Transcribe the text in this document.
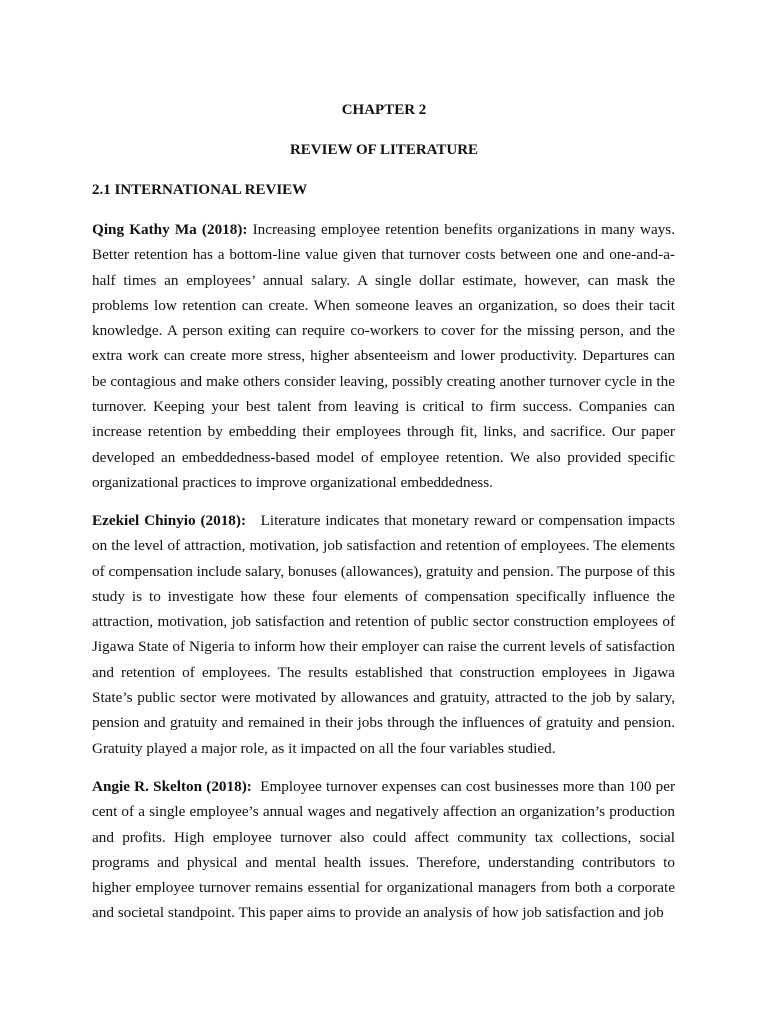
CHAPTER 2
REVIEW OF LITERATURE
2.1 INTERNATIONAL REVIEW
Qing Kathy Ma (2018): Increasing employee retention benefits organizations in many ways. Better retention has a bottom-line value given that turnover costs between one and one-and-a-half times an employees’ annual salary. A single dollar estimate, however, can mask the problems low retention can create. When someone leaves an organization, so does their tacit knowledge. A person exiting can require co-workers to cover for the missing person, and the extra work can create more stress, higher absenteeism and lower productivity. Departures can be contagious and make others consider leaving, possibly creating another turnover cycle in the turnover. Keeping your best talent from leaving is critical to firm success. Companies can increase retention by embedding their employees through fit, links, and sacrifice. Our paper developed an embeddedness-based model of employee retention. We also provided specific organizational practices to improve organizational embeddedness.
Ezekiel Chinyio (2018): Literature indicates that monetary reward or compensation impacts on the level of attraction, motivation, job satisfaction and retention of employees. The elements of compensation include salary, bonuses (allowances), gratuity and pension. The purpose of this study is to investigate how these four elements of compensation specifically influence the attraction, motivation, job satisfaction and retention of public sector construction employees of Jigawa State of Nigeria to inform how their employer can raise the current levels of satisfaction and retention of employees. The results established that construction employees in Jigawa State’s public sector were motivated by allowances and gratuity, attracted to the job by salary, pension and gratuity and remained in their jobs through the influences of gratuity and pension. Gratuity played a major role, as it impacted on all the four variables studied.
Angie R. Skelton (2018): Employee turnover expenses can cost businesses more than 100 per cent of a single employee’s annual wages and negatively affection an organization’s production and profits. High employee turnover also could affect community tax collections, social programs and physical and mental health issues. Therefore, understanding contributors to higher employee turnover remains essential for organizational managers from both a corporate and societal standpoint. This paper aims to provide an analysis of how job satisfaction and job
